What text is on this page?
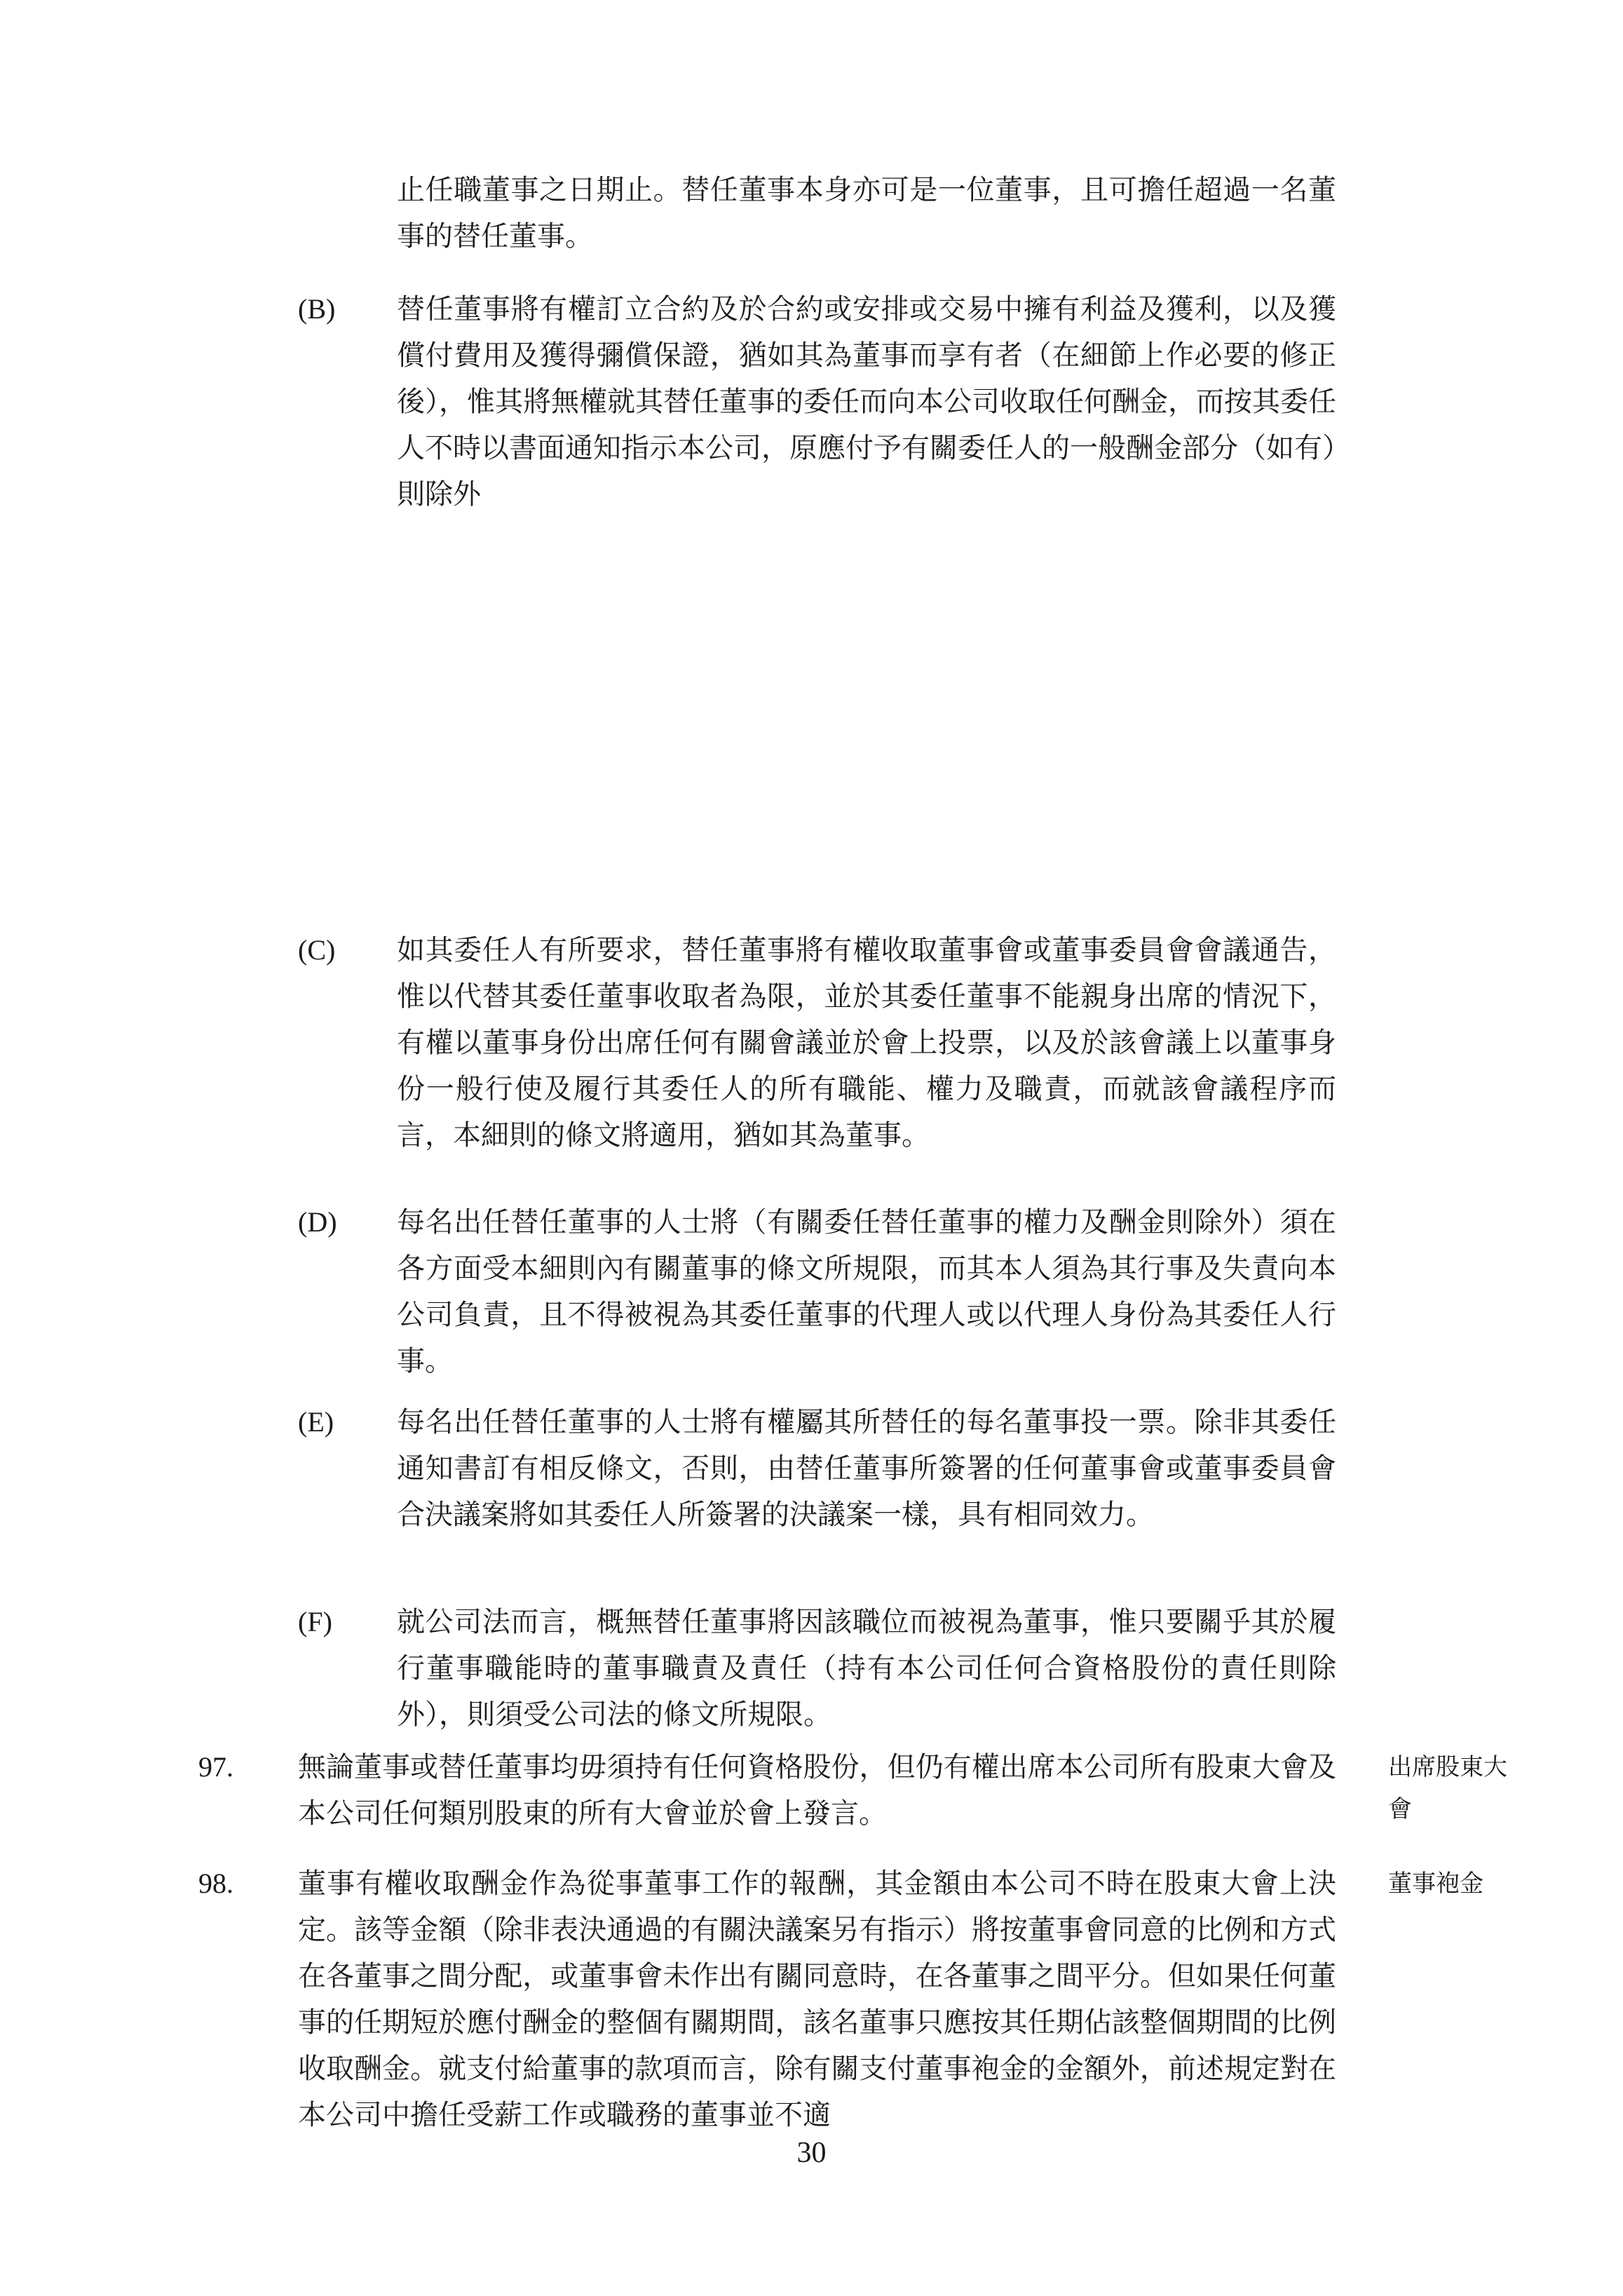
止任職董事之日期止。替任董事本身亦可是一位董事，且可擔任超過一名董事的替任董事。

(B) 替任董事將有權訂立合約及於合約或安排或交易中擁有利益及獲利，以及獲償付費用及獲得彌償保證，猶如其為董事而享有者（在細節上作必要的修正後），惟其將無權就其替任董事的委任而向本公司收取任何酬金，而按其委任人不時以書面通知指示本公司，原應付予有關委任人的一般酬金部分（如有）則除外

(C) 如其委任人有所要求，替任董事將有權收取董事會或董事委員會會議通告，惟以代替其委任董事收取者為限，並於其委任董事不能親身出席的情況下，有權以董事身份出席任何有關會議並於會上投票，以及於該會議上以董事身份一般行使及履行其委任人的所有職能、權力及職責，而就該會議程序而言，本細則的條文將適用，猶如其為董事。

(D) 每名出任替任董事的人士將（有關委任替任董事的權力及酬金則除外）須在各方面受本細則內有關董事的條文所規限，而其本人須為其行事及失責向本公司負責，且不得被視為其委任董事的代理人或以代理人身份為其委任人行事。

(E) 每名出任替任董事的人士將有權屬其所替任的每名董事投一票。除非其委任通知書訂有相反條文，否則，由替任董事所簽署的任何董事會或董事委員會合決議案將如其委任人所簽署的決議案一樣，具有相同效力。

(F) 就公司法而言，概無替任董事將因該職位而被視為董事，惟只要關乎其於履行董事職能時的董事職責及責任（持有本公司任何合資格股份的責任則除外），則須受公司法的條文所規限。

97. 無論董事或替任董事均毋須持有任何資格股份，但仍有權出席本公司所有股東大會及本公司任何類別股東的所有大會並於會上發言。

出席股東大會
98. 董事有權收取酬金作為從事董事工作的報酬，其金額由本公司不時在股東大會上決定。該等金額（除非表決通過的有關決議案另有指示）將按董事會同意的比例和方式在各董事之間分配，或董事會未作出有關同意時，在各董事之間平分。但如果任何董事的任期短於應付酬金的整個有關期間，該名董事只應按其任期佔該整個期間的比例收取酬金。就支付給董事的款項而言，除有關支付董事袍金的金額外，前述規定對在本公司中擔任受薪工作或職務的董事並不適

董事袍金
30
